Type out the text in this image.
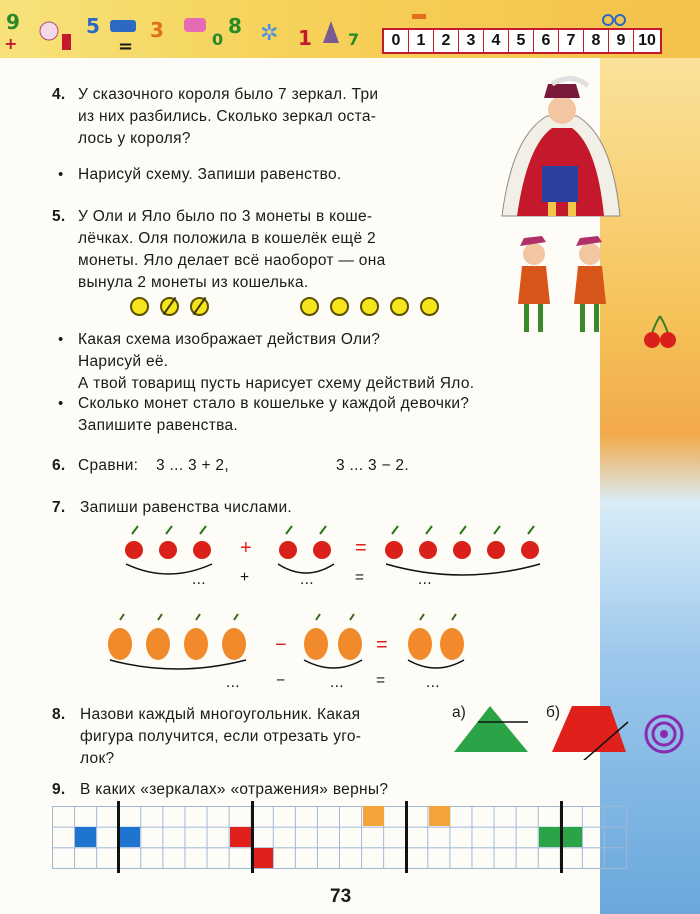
9
+
5	3	0
8	1 7
=
✲	0	1	2	3	4	5	6	7	8	9 10
4. У сказочного короля было 7 зеркал. Три
из них разбились. Сколько зеркал оста-
лось у короля?
• Нарисуй схему. Запиши равенство.
5. У Оли и Яло было по 3 монеты в коше-
лёчках. Оля положила в кошелёк ещё 2
монеты. Яло делает всё наоборот — она
вынула 2 монеты из кошелька.
• Какая схема изображает действия Оли?
Нарисуй её.
А твой товарищ пусть нарисует схему действий Яло.
• Сколько монет стало в кошельке у каждой девочки?
Запишите равенства.
6. Сравни: 3 ... 3 + 2,	3 ... 3 − 2.
7. Запиши равенства числами.
+	=
... +	...	=	...
−	=
... −	... =	...
8. Назови каждый многоугольник. Какая
фигура получится, если отрезать уго-
лок?
а)	б)
9. В каких «зеркалах» «отражения» верны?
73
